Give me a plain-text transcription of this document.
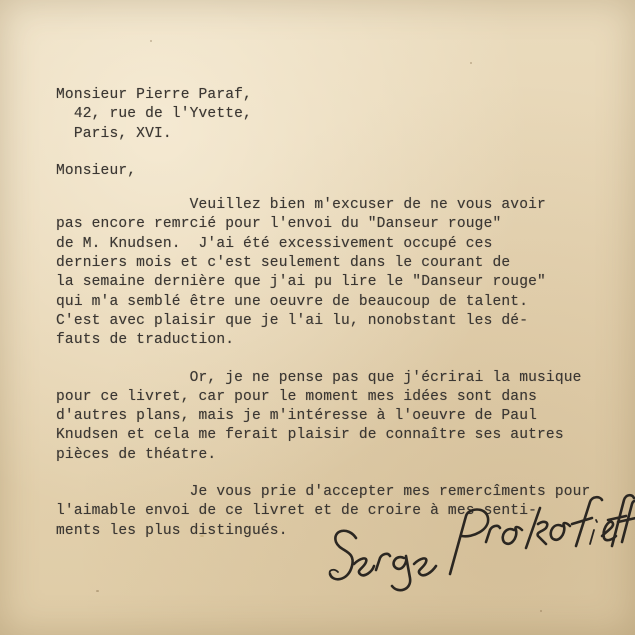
Monsieur Pierre Paraf,
42, rue de l'Yvette,
Paris, XVI.
Monsieur,
Veuillez bien m'excuser de ne vous avoir
pas encore remrcié pour l'envoi du "Danseur rouge"
de M. Knudsen.  J'ai été excessivement occupé ces
derniers mois et c'est seulement dans le courant de
la semaine dernière que j'ai pu lire le "Danseur rouge"
qui m'a semblé être une oeuvre de beaucoup de talent.
C'est avec plaisir que je l'ai lu, nonobstant les dé-
fauts de traduction.
Or, je ne pense pas que j'écrirai la musique
pour ce livret, car pour le moment mes idées sont dans
d'autres plans, mais je m'intéresse à l'oeuvre de Paul
Knudsen et cela me ferait plaisir de connaître ses autres
pièces de théatre.
Je vous prie d'accepter mes remercîments pour
l'aimable envoi de ce livret et de croire à mes senti-
ments les plus distingués.
